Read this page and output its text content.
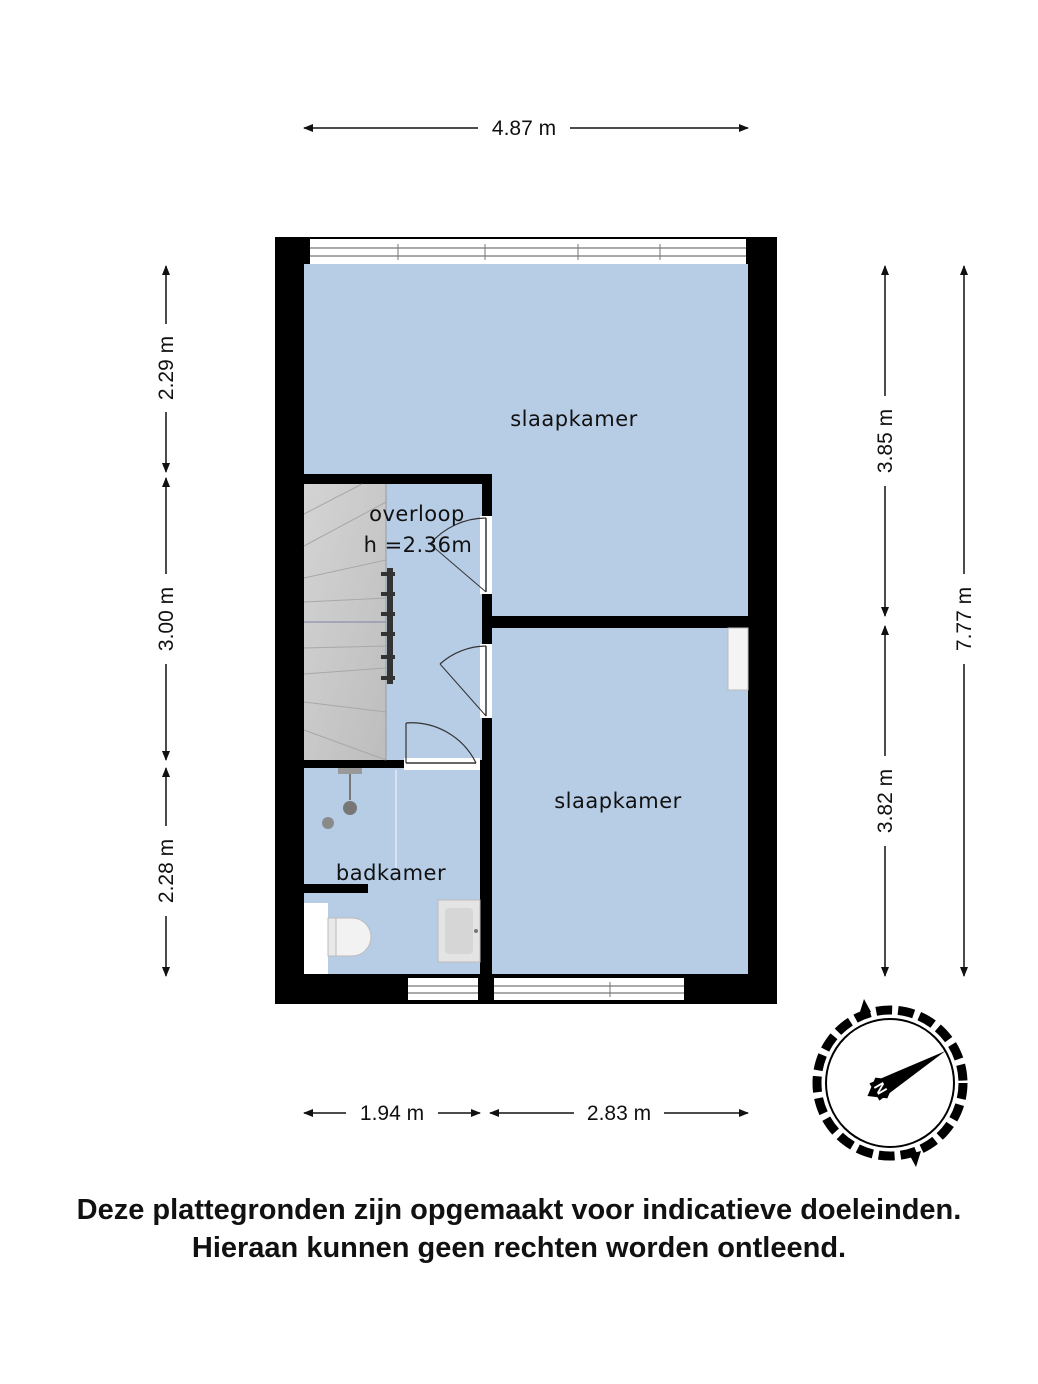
4.87 m
2.29 m
3.00 m
2.28 m
3.85 m
3.82 m
7.77 m
1.94 m	2.83 m
slaapkamer
overloop
h =2.36m
slaapkamer
badkamer
N
Deze plattegronden zijn opgemaakt voor indicatieve doeleinden.
Hieraan kunnen geen rechten worden ontleend.
